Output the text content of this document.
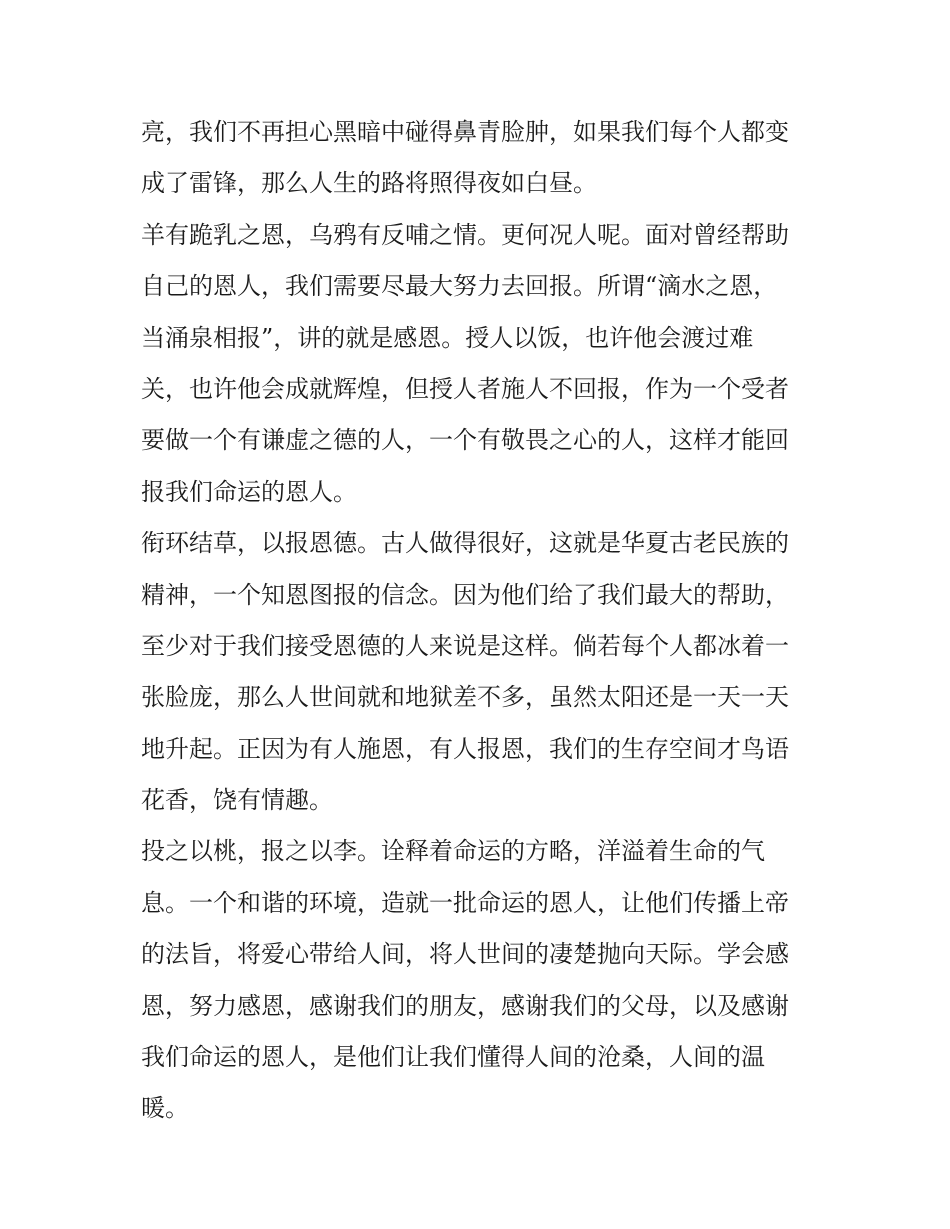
亮，我们不再担心黑暗中碰得鼻青脸肿，如果我们每个人都变
成了雷锋，那么人生的路将照得夜如白昼。
羊有跪乳之恩，乌鸦有反哺之情。更何况人呢。面对曾经帮助
自己的恩人，我们需要尽最大努力去回报。所谓“滴水之恩，
当涌泉相报”，讲的就是感恩。授人以饭，也许他会渡过难
关，也许他会成就辉煌，但授人者施人不回报，作为一个受者
要做一个有谦虚之德的人，一个有敬畏之心的人，这样才能回
报我们命运的恩人。
衔环结草，以报恩德。古人做得很好，这就是华夏古老民族的
精神，一个知恩图报的信念。因为他们给了我们最大的帮助，
至少对于我们接受恩德的人来说是这样。倘若每个人都冰着一
张脸庞，那么人世间就和地狱差不多，虽然太阳还是一天一天
地升起。正因为有人施恩，有人报恩，我们的生存空间才鸟语
花香，饶有情趣。
投之以桃，报之以李。诠释着命运的方略，洋溢着生命的气
息。一个和谐的环境，造就一批命运的恩人，让他们传播上帝
的法旨，将爱心带给人间，将人世间的凄楚抛向天际。学会感
恩，努力感恩，感谢我们的朋友，感谢我们的父母，以及感谢
我们命运的恩人，是他们让我们懂得人间的沧桑，人间的温
暖。
